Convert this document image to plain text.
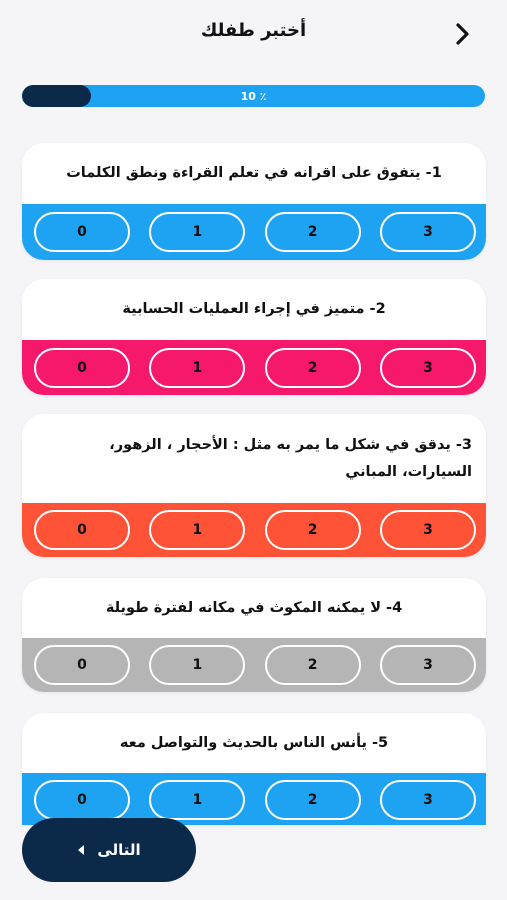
أختبر طفلك
10 ٪
1- يتفوق على اقرانه في تعلم القراءة ونطق الكلمات
3
2
1
0
2- متميز في إجراء العمليات الحسابية
3
2
1
0
3- يدقق في شكل ما يمر به مثل : الأحجار ، الزهور، السيارات، المباني
3
2
1
0
4- لا يمكنه المكوث في مكانه لفترة طويلة
3
2
1
0
5- يأنس الناس بالحديث والتواصل معه
3
2
1
0
التالى
